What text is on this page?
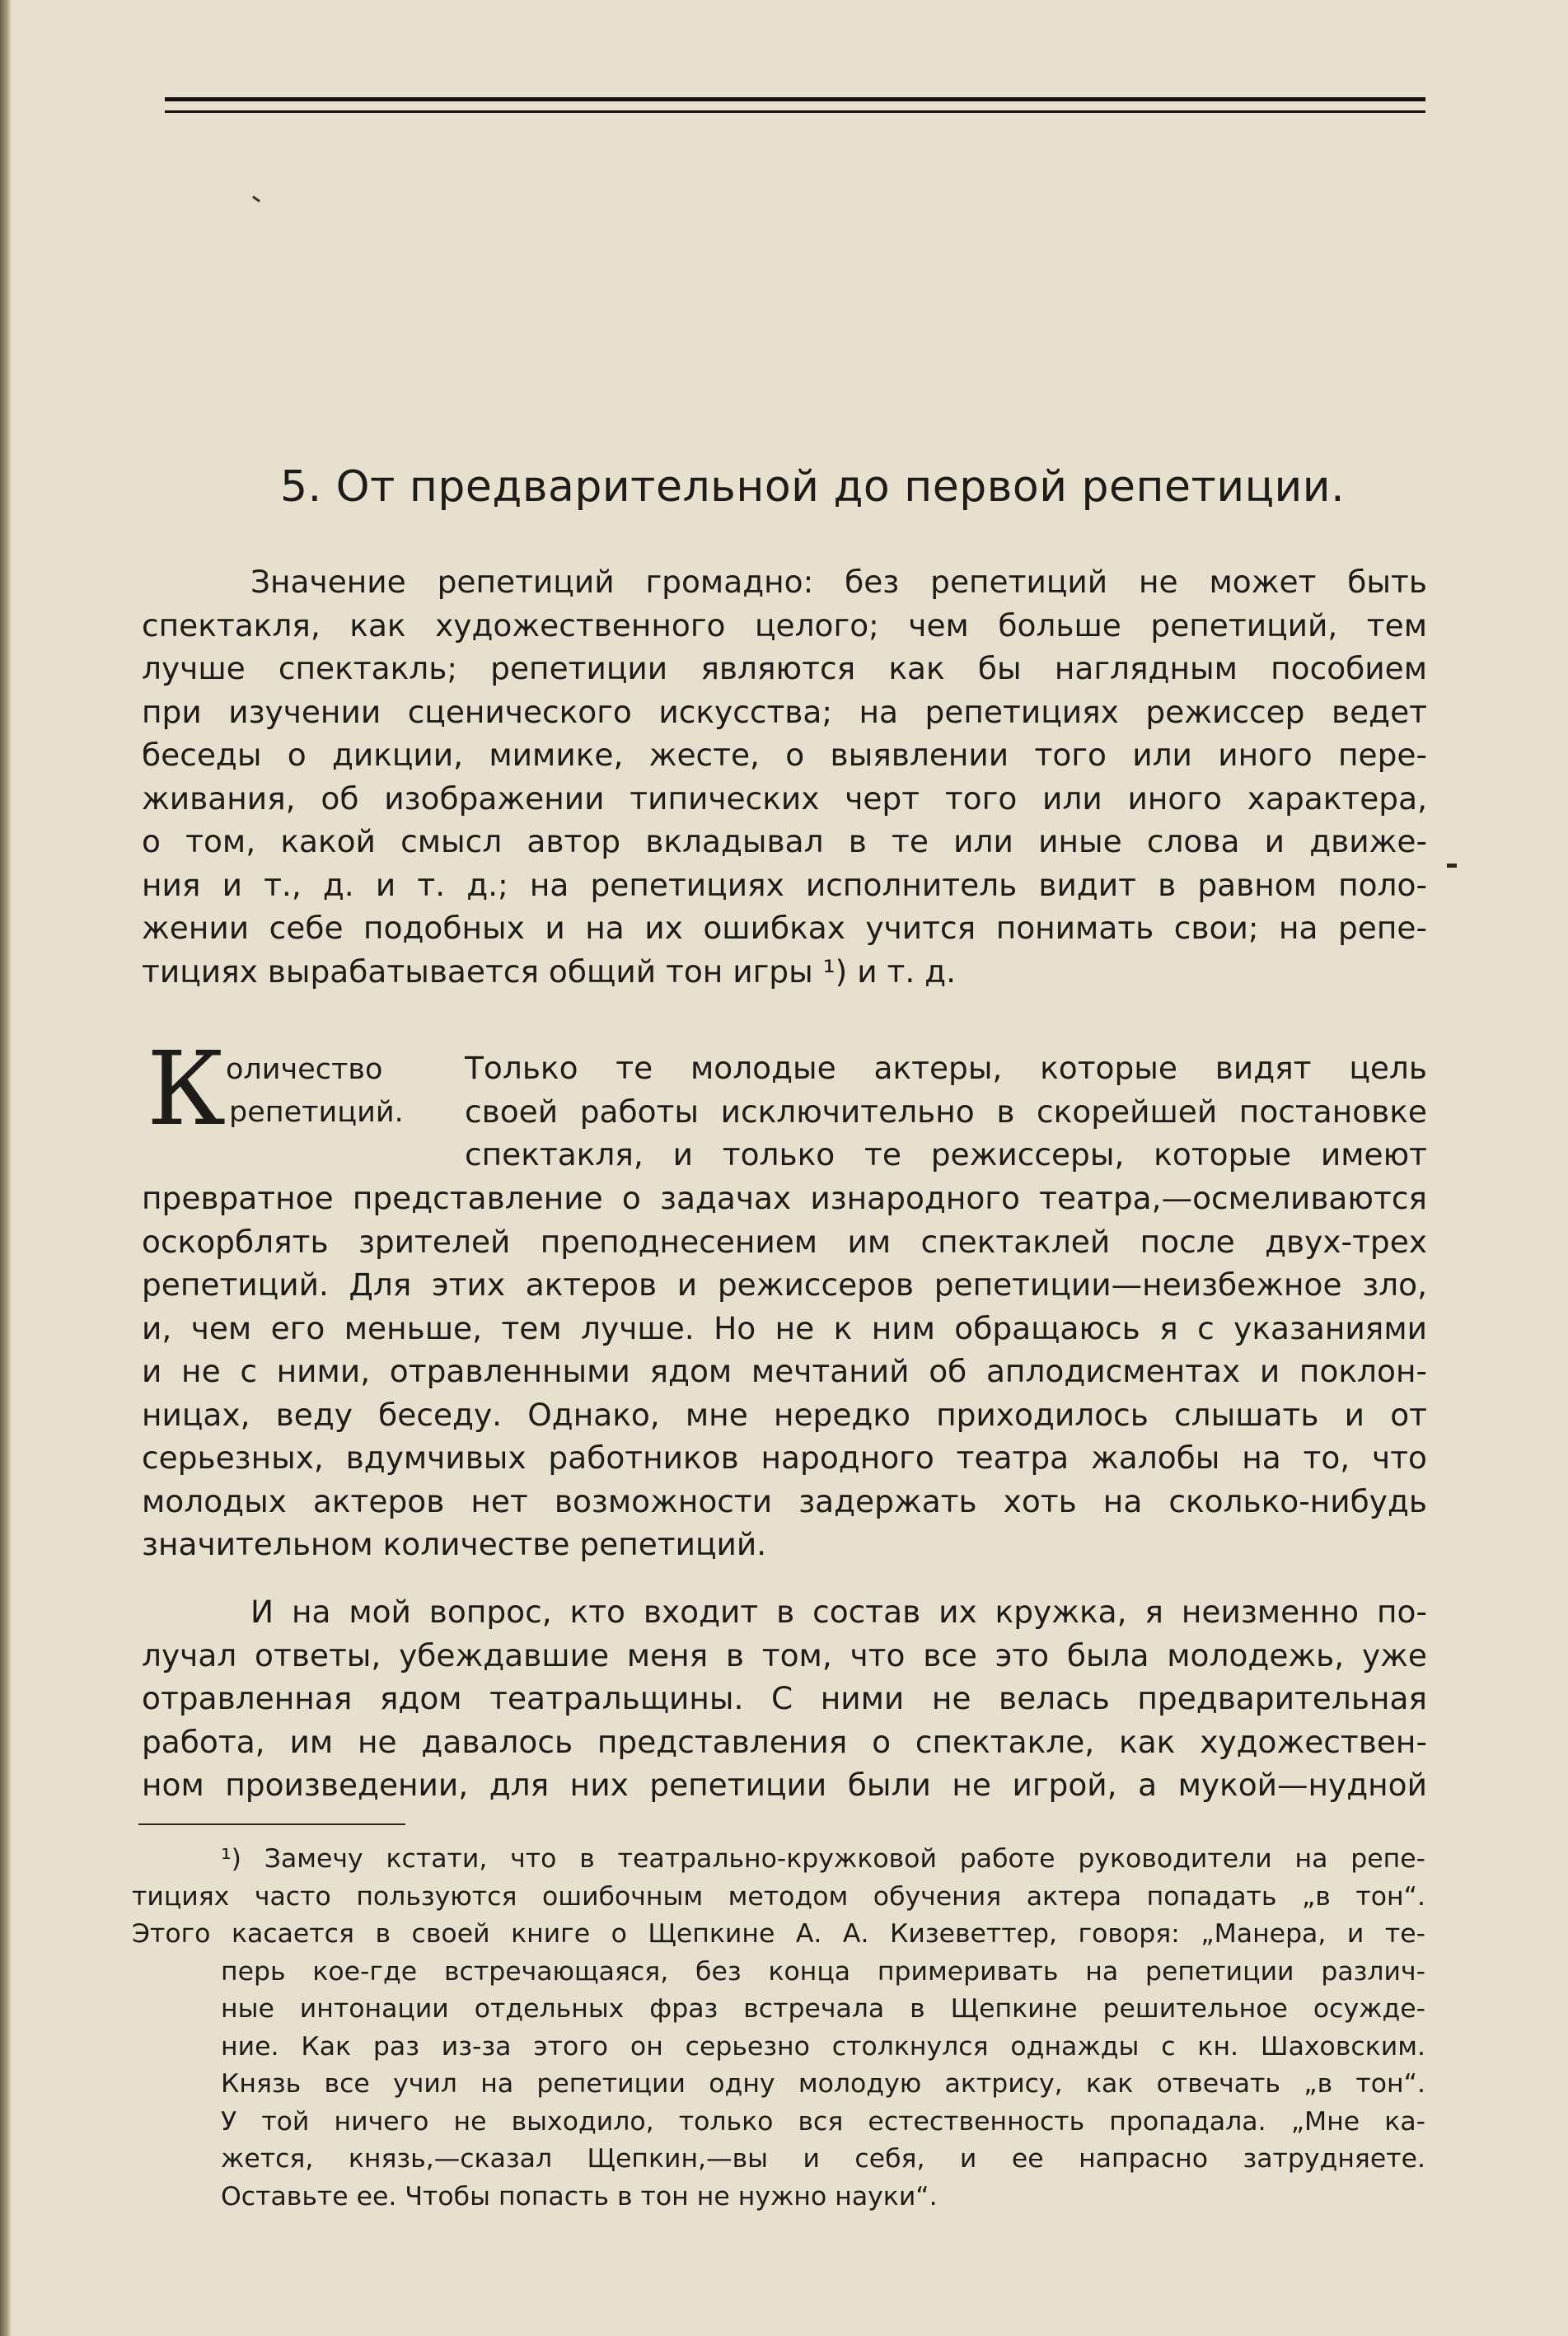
5. От предварительной до первой репетиции.
Значение репетиций громадно: без репетиций не может быть
спектакля, как художественного целого; чем больше репетиций, тем
лучше спектакль; репетиции являются как бы наглядным пособием
при изучении сценического искусства; на репетициях режиссер ведет
беседы о дикции, мимике, жесте, о выявлении того или иного пере-
живания, об изображении типических черт того или иного характера,
о том, какой смысл автор вкладывал в те или иные слова и движе-
ния и т., д. и т. д.; на репетициях исполнитель видит в равном поло-
жении себе подобных и на их ошибках учится понимать свои; на репе-
тициях вырабатывается общий тон игры ¹) и т. д.
К оличество
репетиций.
Только те молодые актеры, которые видят цель
своей работы исключительно в скорейшей постановке
спектакля, и только те режиссеры, которые имеют
превратное представление о задачах изнародного театра,—осмеливаются
оскорблять зрителей преподнесением им спектаклей после двух-трех
репетиций. Для этих актеров и режиссеров репетиции—неизбежное зло,
и, чем его меньше, тем лучше. Но не к ним обращаюсь я с указаниями
и не с ними, отравленными ядом мечтаний об аплодисментах и поклон-
ницах, веду беседу. Однако, мне нередко приходилось слышать и от
серьезных, вдумчивых работников народного театра жалобы на то, что
молодых актеров нет возможности задержать хоть на сколько-нибудь
значительном количестве репетиций.
И на мой вопрос, кто входит в состав их кружка, я неизменно по-
лучал ответы, убеждавшие меня в том, что все это была молодежь, уже
отравленная ядом театральщины. С ними не велась предварительная
работа, им не давалось представления о спектакле, как художествен-
ном произведении, для них репетиции были не игрой, а мукой—нудной
¹) Замечу кстати, что в театрально-кружковой работе руководители на репе-
тициях часто пользуются ошибочным методом обучения актера попадать „в тон“.
Этого касается в своей книге о Щепкине А. А. Кизеветтер, говоря: „Манера, и те-
перь кое-где встречающаяся, без конца примеривать на репетиции различ-
ные интонации отдельных фраз встречала в Щепкине решительное осужде-
ние. Как раз из-за этого он серьезно столкнулся однажды с кн. Шаховским.
Князь все учил на репетиции одну молодую актрису, как отвечать „в тон“.
У той ничего не выходило, только вся естественность пропадала. „Мне ка-
жется, князь,—сказал Щепкин,—вы и себя, и ее напрасно затрудняете.
Оставьте ее. Чтобы попасть в тон не нужно науки“.
